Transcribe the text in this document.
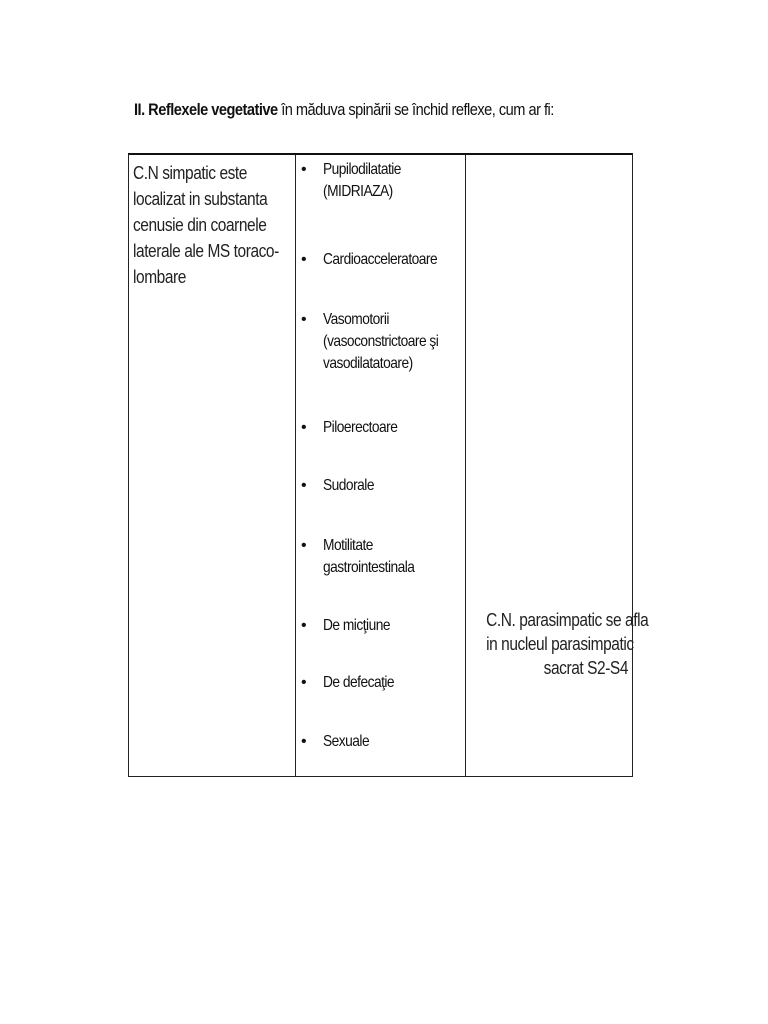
II. Reflexele vegetative în măduva spinării se închid reflexe, cum ar fi:
C.N simpatic este
localizat in substanta
cenusie din coarnele
laterale ale MS toraco-
lombare
• Pupilodilatatie
(MIDRIAZA)
• Cardioacceleratoare
• Vasomotorii
(vasoconstrictoare şi
vasodilatatoare)
• Piloerectoare
• Sudorale
• Motilitate
gastrointestinala
• De micţiune
• De defecaţie
• Sexuale
C.N. parasimpatic se afla
in nucleul parasimpatic
sacrat S2-S4
